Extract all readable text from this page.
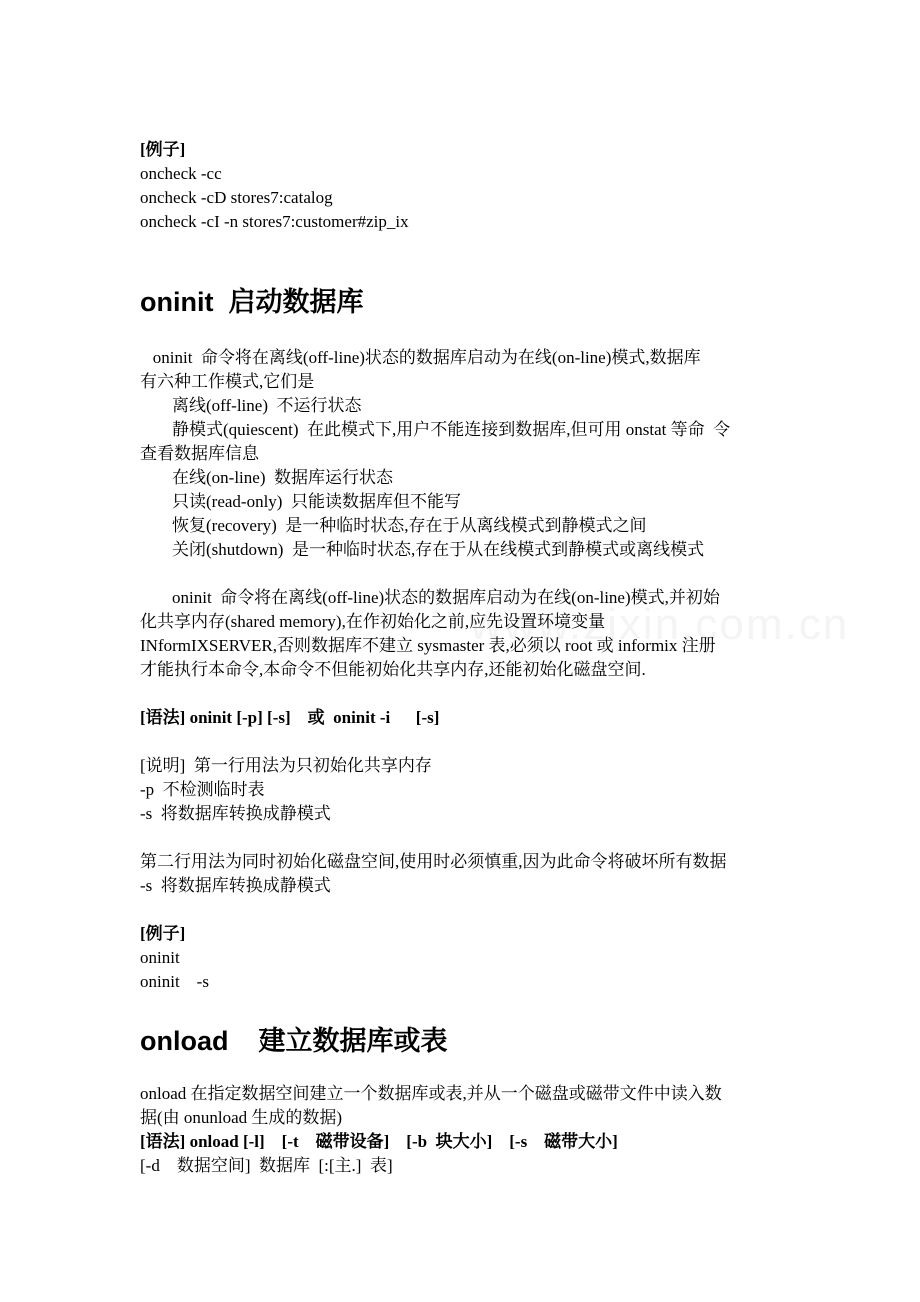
www.zixin.com.cn
[例子]
oncheck -cc
oncheck -cD stores7:catalog
oncheck -cI -n stores7:customer#zip_ix
oninit  启动数据库
oninit  命令将在离线(off-line)状态的数据库启动为在线(on-line)模式,数据库
有六种工作模式,它们是
离线(off-line)  不运行状态
静模式(quiescent)  在此模式下,用户不能连接到数据库,但可用 onstat 等命  令
查看数据库信息
在线(on-line)  数据库运行状态
只读(read-only)  只能读数据库但不能写
恢复(recovery)  是一种临时状态,存在于从离线模式到静模式之间
关闭(shutdown)  是一种临时状态,存在于从在线模式到静模式或离线模式
oninit  命令将在离线(off-line)状态的数据库启动为在线(on-line)模式,并初始
化共享内存(shared memory),在作初始化之前,应先设置环境变量
INformIXSERVER,否则数据库不建立 sysmaster 表,必须以 root 或 informix 注册
才能执行本命令,本命令不但能初始化共享内存,还能初始化磁盘空间.
[语法] oninit [-p] [-s]    或  oninit -i      [-s]
[说明]  第一行用法为只初始化共享内存
-p  不检测临时表
-s  将数据库转换成静模式
第二行用法为同时初始化磁盘空间,使用时必须慎重,因为此命令将破坏所有数据
-s  将数据库转换成静模式
[例子]
oninit
oninit    -s
onload    建立数据库或表
onload 在指定数据空间建立一个数据库或表,并从一个磁盘或磁带文件中读入数
据(由 onunload 生成的数据)
[语法] onload [-l]    [-t    磁带设备]    [-b  块大小]    [-s    磁带大小]
[-d    数据空间]  数据库  [:[主.]  表]
